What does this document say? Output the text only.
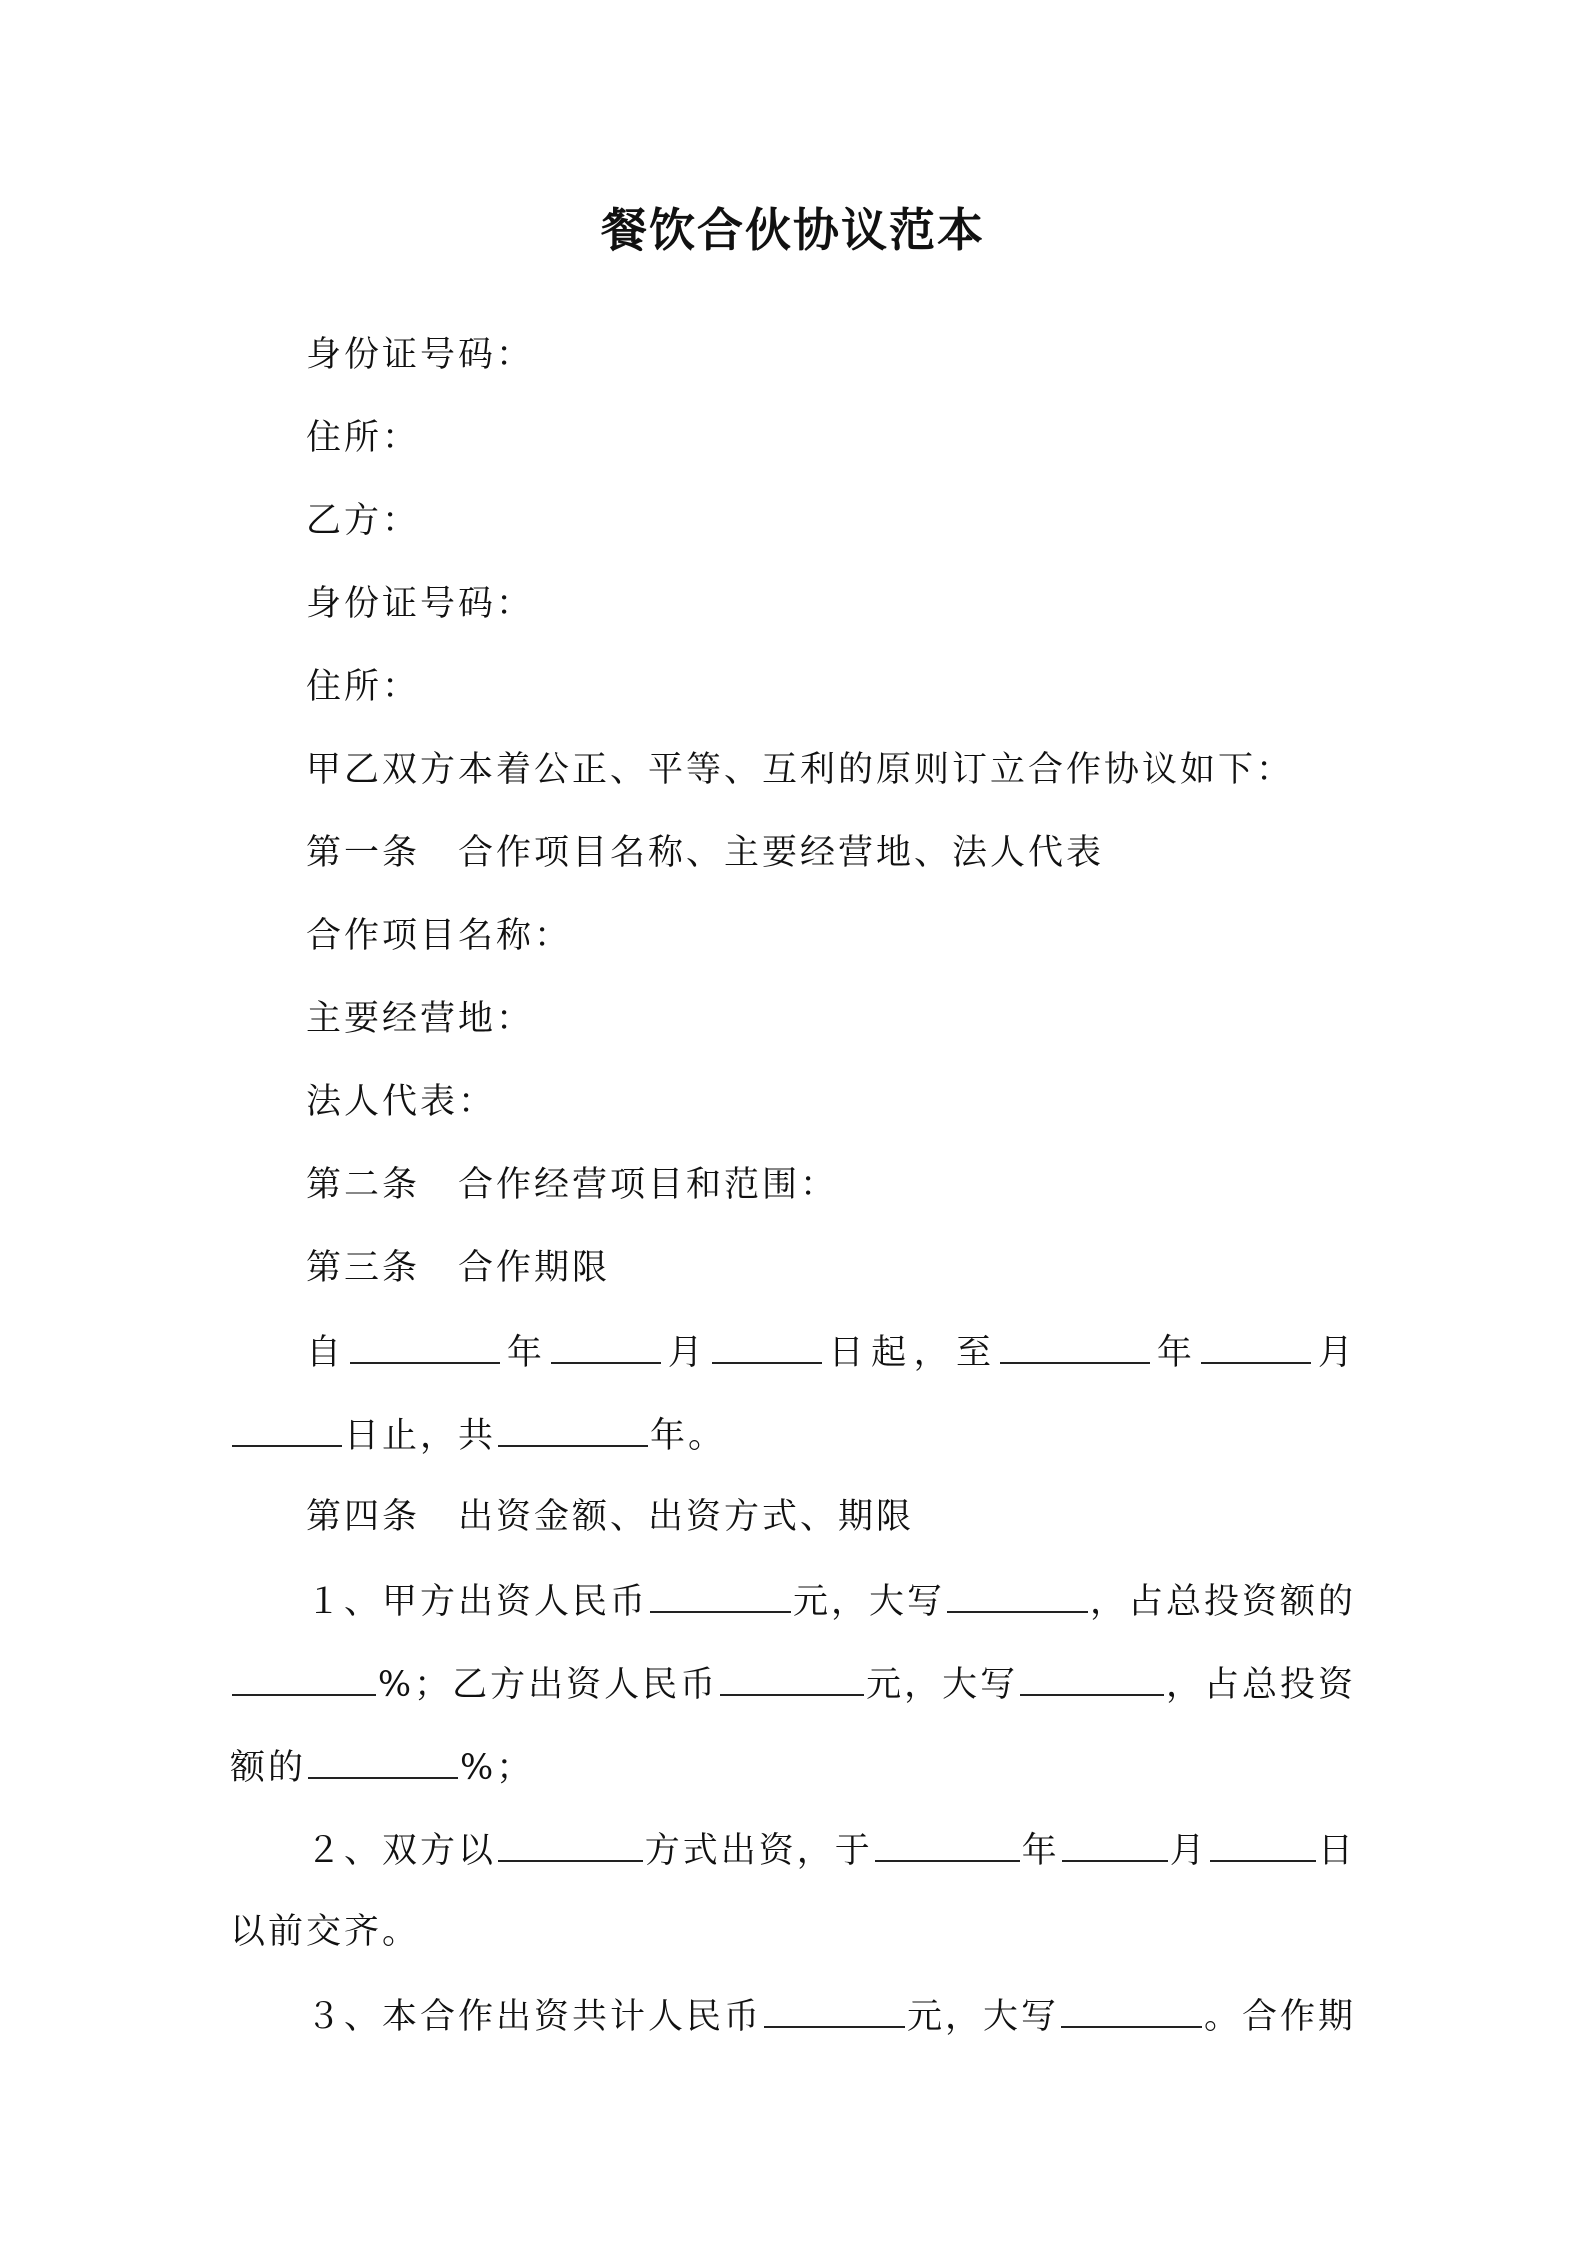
餐饮合伙协议范本
身份证号码：
住所：
乙方：
身份证号码：
住所：
甲乙双方本着公正、平等、互利的原则订立合作协议如下：
第一条 合作项目名称、主要经营地、法人代表
合作项目名称：
主要经营地：
法人代表：
第二条 合作经营项目和范围：
第三条 合作期限
自	年	月	日 起 ， 至	年	月
日止，共	年。
第四条 出资金额、出资方式、期限
１、甲方出资人民币	元，大写	，占总投资额的
%；乙方出资人民币	元，大写	，占总投资
额的	%；
２、双方以	方式出资，于	年	月	日
以前交齐。
３、本合作出资共计人民币	元，大写	。合作期
